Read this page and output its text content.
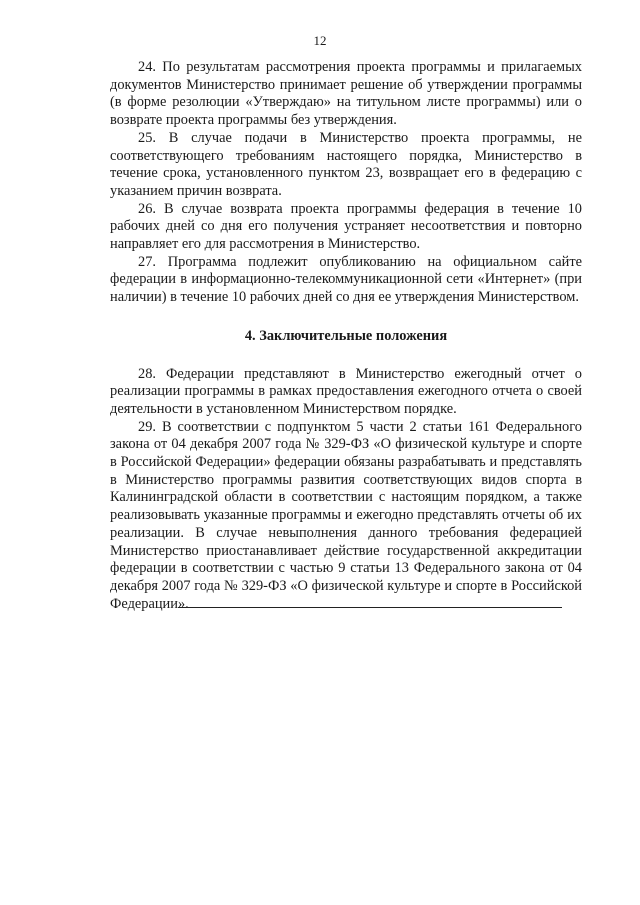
12

24. По результатам рассмотрения проекта программы и прилагаемых документов Министерство принимает решение об утверждении программы (в форме резолюции «Утверждаю» на титульном листе программы) или о возврате проекта программы без утверждения.

25. В случае подачи в Министерство проекта программы, не соответствующего требованиям настоящего порядка, Министерство в течение срока, установленного пунктом 23, возвращает его в федерацию с указанием причин возврата.

26. В случае возврата проекта программы федерация в течение 10 рабочих дней со дня его получения устраняет несоответствия и повторно направляет его для рассмотрения в Министерство.

27. Программа подлежит опубликованию на официальном сайте федерации в информационно-телекоммуникационной сети «Интернет» (при наличии) в течение 10 рабочих дней со дня ее утверждения Министерством.

4. Заключительные положения

28. Федерации представляют в Министерство ежегодный отчет о реализации программы в рамках предоставления ежегодного отчета о своей деятельности в установленном Министерством порядке.

29. В соответствии с подпунктом 5 части 2 статьи 161 Федерального закона от 04 декабря 2007 года № 329-ФЗ «О физической культуре и спорте в Российской Федерации» федерации обязаны разрабатывать и представлять в Министерство программы развития соответствующих видов спорта в Калининградской области в соответствии с настоящим порядком, а также реализовывать указанные программы и ежегодно представлять отчеты об их реализации. В случае невыполнения данного требования федерацией Министерство приостанавливает действие государственной аккредитации федерации в соответствии с частью 9 статьи 13 Федерального закона от 04 декабря 2007 года № 329-ФЗ «О физической культуре и спорте в Российской Федерации».
